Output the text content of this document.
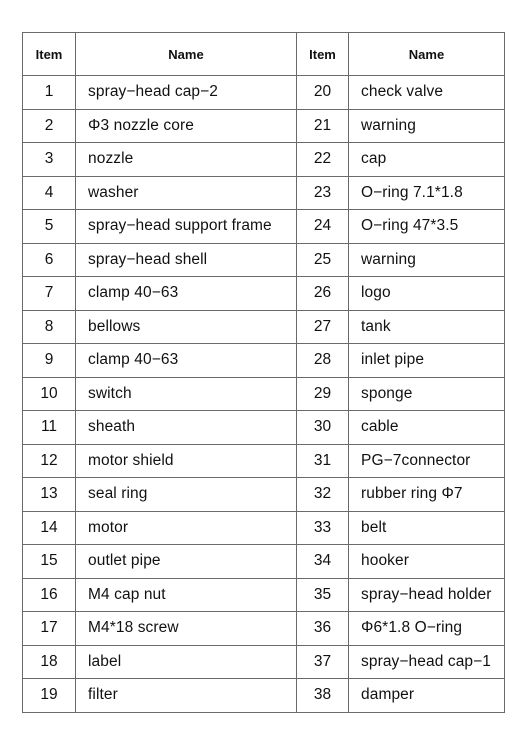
Item	Name	Item	Name
1	spray−head cap−2	20	check valve
2	Φ3 nozzle core	21	warning
3	nozzle	22	cap
4	washer	23	O−ring 7.1*1.8
5	spray−head support frame	24	O−ring 47*3.5
6	spray−head shell	25	warning
7	clamp 40−63	26	logo
8	bellows	27	tank
9	clamp 40−63	28	inlet pipe
10	switch	29	sponge
11	sheath	30	cable
12	motor shield	31	PG−7connector
13	seal ring	32	rubber ring Φ7
14	motor	33	belt
15	outlet pipe	34	hooker
16	M4 cap nut	35	spray−head holder
17	M4*18 screw	36	Φ6*1.8 O−ring
18	label	37	spray−head cap−1
19	filter	38	damper
